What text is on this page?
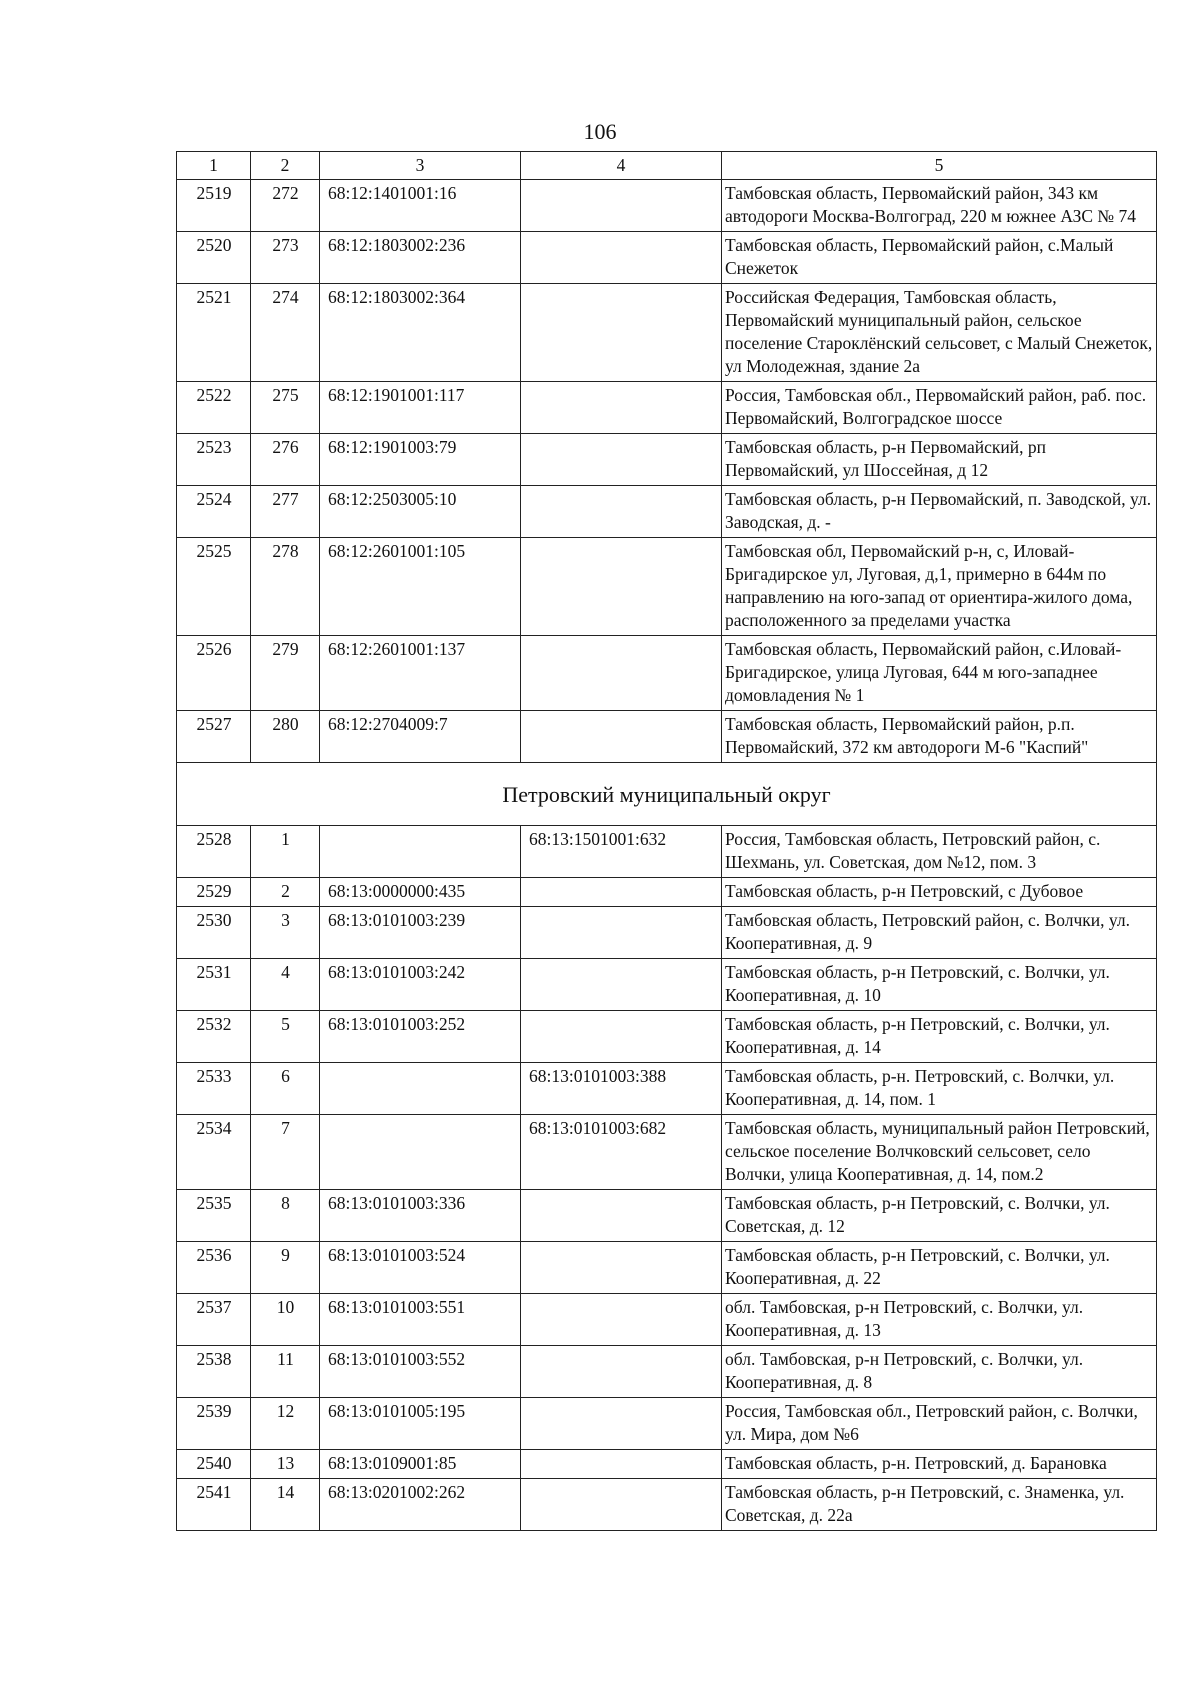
106
1	2	3	4	5
2519	272	68:12:1401001:16		Тамбовская область, Первомайский район, 343 км автодороги Москва-Волгоград, 220 м южнее АЗС № 74
2520	273	68:12:1803002:236		Тамбовская область, Первомайский район, с.Малый Снежеток
2521	274	68:12:1803002:364		Российская Федерация, Тамбовская область, Первомайский муниципальный район, сельское поселение Староклёнский сельсовет, с Малый Снежеток, ул Молодежная, здание 2а
2522	275	68:12:1901001:117		Россия, Тамбовская обл., Первомайский район, раб. пос. Первомайский, Волгоградское шоссе
2523	276	68:12:1901003:79		Тамбовская область, р-н Первомайский, рп Первомайский, ул Шоссейная, д 12
2524	277	68:12:2503005:10		Тамбовская область, р-н Первомайский, п. Заводской, ул. Заводская, д. -
2525	278	68:12:2601001:105		Тамбовская обл, Первомайский р-н, с, Иловай-Бригадирское ул, Луговая, д,1, примерно в 644м по направлению на юго-запад от ориентира-жилого дома, расположенного за пределами участка
2526	279	68:12:2601001:137		Тамбовская область, Первомайский район, с.Иловай-Бригадирское, улица Луговая, 644 м юго-западнее домовладения № 1
2527	280	68:12:2704009:7		Тамбовская область, Первомайский район, р.п. Первомайский, 372 км автодороги М-6 "Каспий"
Петровский муниципальный округ				
2528	1		68:13:1501001:632	Россия, Тамбовская область, Петровский район, с. Шехмань, ул. Советская, дом №12, пом. 3
2529	2	68:13:0000000:435		Тамбовская область, р-н Петровский, с Дубовое
2530	3	68:13:0101003:239		Тамбовская область, Петровский район, с. Волчки, ул. Кооперативная, д. 9
2531	4	68:13:0101003:242		Тамбовская область, р-н Петровский, с. Волчки, ул. Кооперативная, д. 10
2532	5	68:13:0101003:252		Тамбовская область, р-н Петровский, с. Волчки, ул. Кооперативная, д. 14
2533	6		68:13:0101003:388	Тамбовская область, р-н. Петровский, с. Волчки, ул. Кооперативная, д. 14, пом. 1
2534	7		68:13:0101003:682	Тамбовская область, муниципальный район Петровский, сельское поселение Волчковский сельсовет, село Волчки, улица Кооперативная, д. 14, пом.2
2535	8	68:13:0101003:336		Тамбовская область, р-н Петровский, с. Волчки, ул. Советская, д. 12
2536	9	68:13:0101003:524		Тамбовская область, р-н Петровский, с. Волчки, ул. Кооперативная, д. 22
2537	10	68:13:0101003:551		обл. Тамбовская, р-н Петровский, с. Волчки, ул. Кооперативная, д. 13
2538	11	68:13:0101003:552		обл. Тамбовская, р-н Петровский, с. Волчки, ул. Кооперативная, д. 8
2539	12	68:13:0101005:195		Россия, Тамбовская обл., Петровский район, с. Волчки, ул. Мира, дом №6
2540	13	68:13:0109001:85		Тамбовская область, р-н. Петровский, д. Барановка
2541	14	68:13:0201002:262		Тамбовская область, р-н Петровский, с. Знаменка, ул. Советская, д. 22а
